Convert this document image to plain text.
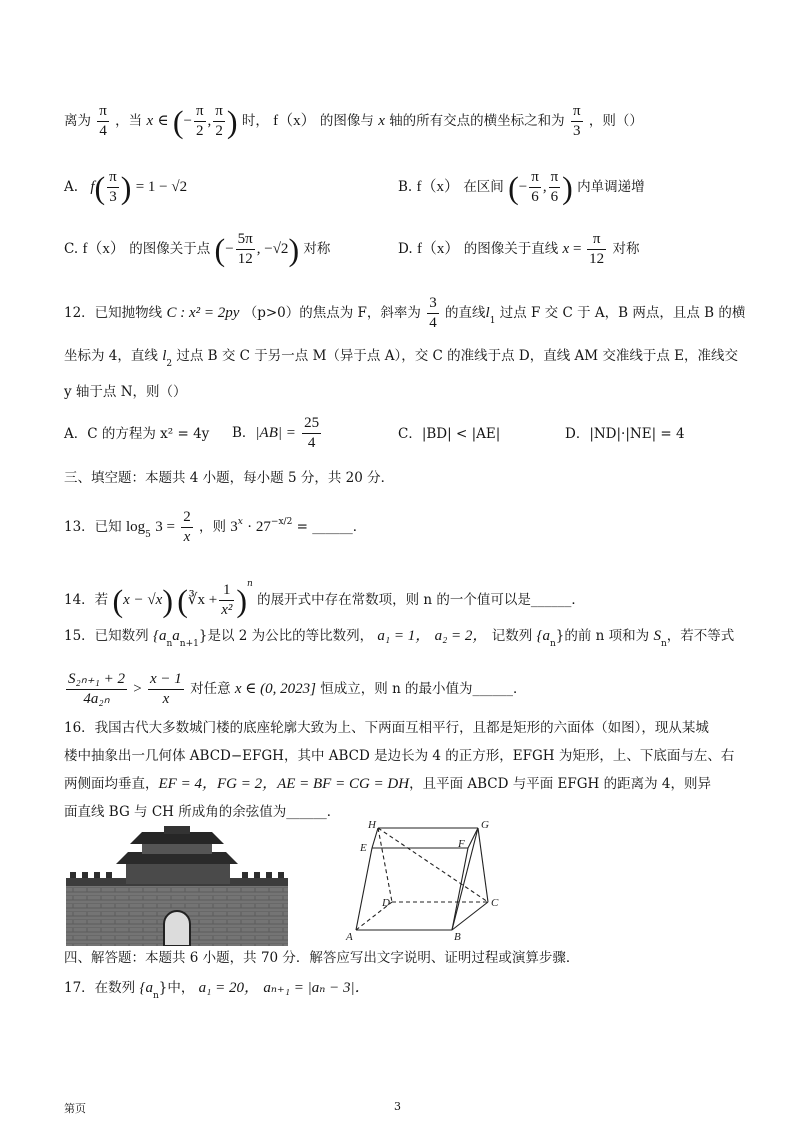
离为 $\frac{\pi}{4}$ ，当 x ∈ (− $\frac{\pi}{2}$ , $\frac{\pi}{2}$ ) 时， f（x） 的图像与 x 轴的所有交点的横坐标之和为 $\frac{\pi}{3}$ ，则（）
A. $f( \frac{\pi}{3}$ ) = 1 − √2	B. f（x） 在区间 (− $\frac{\pi}{6}$ , $\frac{\pi}{6}$ ) 内单调递增
C. f（x） 的图像关于点 (− $\frac{5\pi}{12}$ , −√2) 对称	D. f（x） 的图像关于直线 $x = \frac{\pi}{12}$ 对称
12．已知抛物线 C : x² = 2py （p>0）的焦点为 F，斜率为 $\frac{3}{4}$ 的直线$l_1$ 过点 F 交 C 于 A，B 两点，且点 B 的横
坐标为 4，直线 $l_2$ 过点 B 交 C 于另一点 M（异于点 A），交 C 的准线于点 D，直线 AM 交准线于点 E，准线交
y 轴于点 N，则（）
A．C 的方程为 x² = 4y B．$|AB| = \frac{25}{4}$	C．|BD| < |AE|	D．|ND|·|NE| = 4
三、填空题：本题共 4 小题，每小题 5 分，共 20 分．
13．已知 $\log_5 3 = \frac{2}{x}$ ，则 $3^x \cdot 27^{-x/2}$ = ______．
14．若 (x − √x) (∛x + $\frac{1}{\text{x²}} )^n$ 的展开式中存在常数项，则 n 的一个值可以是______．
15．已知数列 $\{a_na_{n+1}\}$是以 2 为公比的等比数列， a₁ = 1， a₂ = 2， 记数列 $\{a_n\}$的前 n 项和为 $S_n$，若不等式
$\frac{\text{S₂ₙ₊₁ + 2}}{\text{4a₂ₙ}} > \frac{x - 1}{x}$ 对任意 x ∈ (0, 2023] 恒成立，则 n 的最小值为______．
16．我国古代大多数城门楼的底座轮廓大致为上、下两面互相平行，且都是矩形的六面体（如图），现从某城
楼中抽象出一几何体 ABCD−EFGH，其中 ABCD 是边长为 4 的正方形，EFGH 为矩形，上、下底面与左、右
两侧面均垂直，EF = 4，FG = 2，AE = BF = CG = DH，且平面 ABCD 与平面 EFGH 的距离为 4，则异
面直线 BG 与 CH 所成角的余弦值为______．
H	G
E	F
D	C
A	B
四、解答题：本题共 6 小题，共 70 分．解答应写出文字说明、证明过程或演算步骤．
17．在数列 $\{a_n\}$中， a₁ = 20， aₙ₊₁ = |aₙ − 3|．
第页	3
